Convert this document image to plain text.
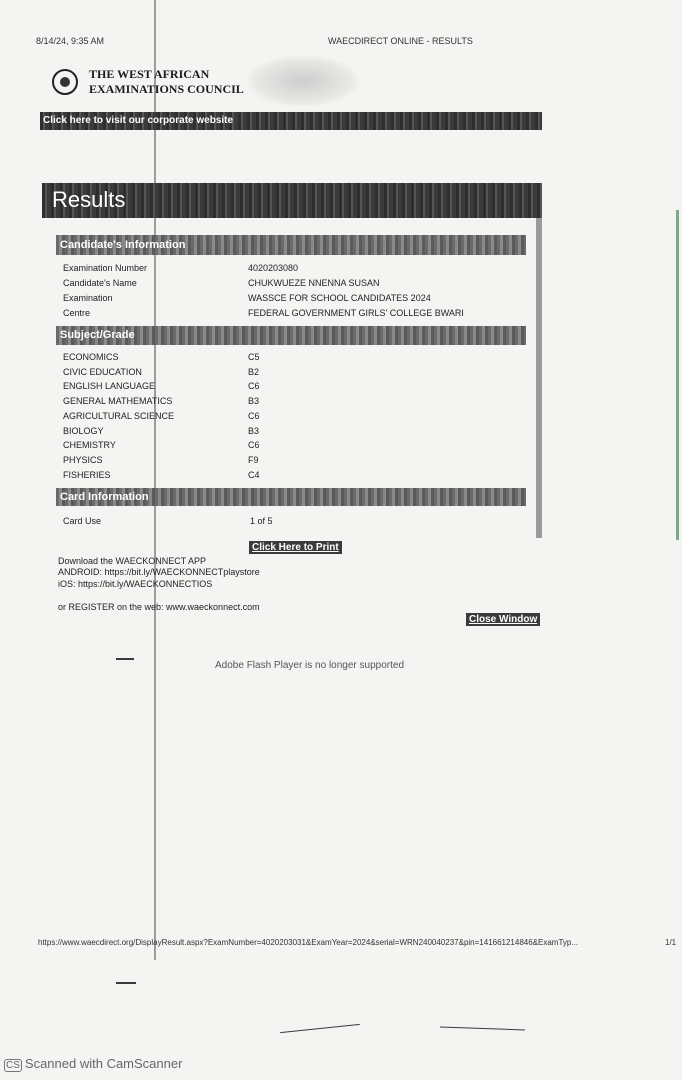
8/14/24, 9:35 AM	WAECDIRECT ONLINE - RESULTS
THE WEST AFRICAN
EXAMINATIONS COUNCIL
Click here to visit our corporate website
Results
Candidate's Information
Examination Number	4020203080
Candidate's Name	CHUKWUEZE NNENNA SUSAN
Examination	WASSCE FOR SCHOOL CANDIDATES 2024
Centre	FEDERAL GOVERNMENT GIRLS' COLLEGE BWARI
Subject/Grade
ECONOMICS	C5
CIVIC EDUCATION	B2
ENGLISH LANGUAGE	C6
GENERAL MATHEMATICS	B3
AGRICULTURAL SCIENCE	C6
BIOLOGY	B3
CHEMISTRY	C6
PHYSICS	F9
FISHERIES	C4
Card Information
Card Use	1 of 5
Click Here to Print
Download the WAECKONNECT APP
ANDROID: https://bit.ly/WAECKONNECTplaystore
iOS: https://bit.ly/WAECKONNECTIOS
or REGISTER on the web: www.waeckonnect.com
Close Window
Adobe Flash Player is no longer supported
https://www.waecdirect.org/DisplayResult.aspx?ExamNumber=4020203031&ExamYear=2024&serial=WRN240040237&pin=141661214846&ExamTyp...	1/1
CS Scanned with CamScanner
